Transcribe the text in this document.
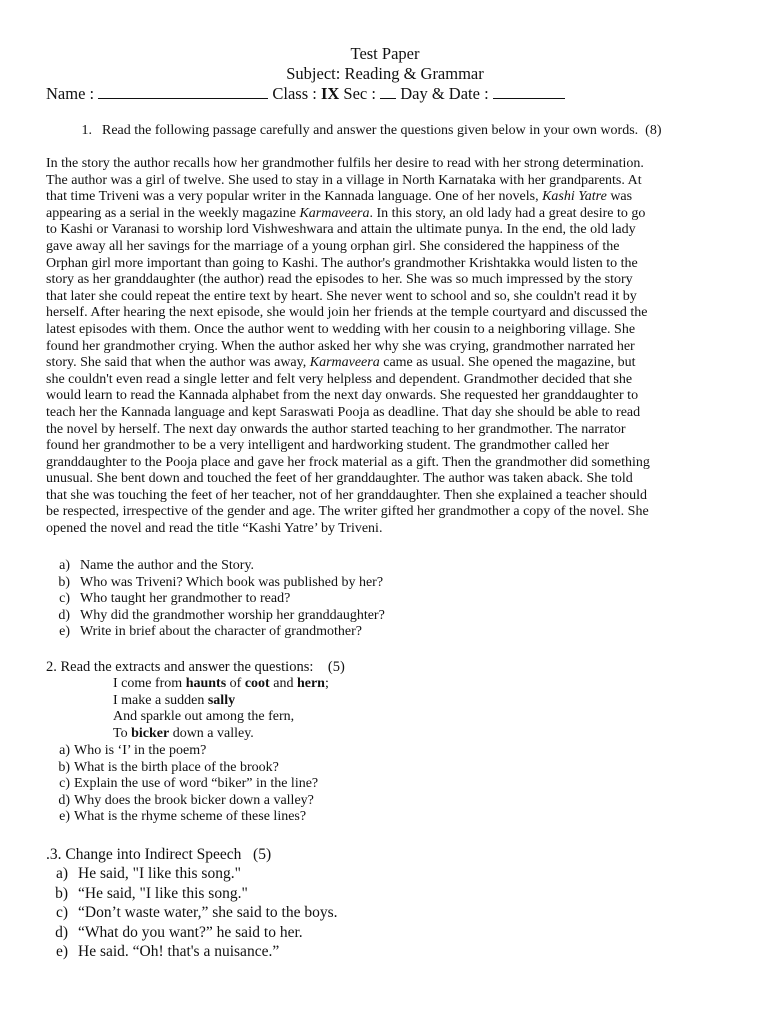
Test Paper
Subject: Reading & Grammar
Name :	Class : IX Sec : Day & Date :
1. Read the following passage carefully and answer the questions given below in your own words. (8)
In the story the author recalls how her grandmother fulfils her desire to read with her strong determination.
The author was a girl of twelve. She used to stay in a village in North Karnataka with her grandparents. At
that time Triveni was a very popular writer in the Kannada language. One of her novels, Kashi Yatre was
appearing as a serial in the weekly magazine Karmaveera. In this story, an old lady had a great desire to go
to Kashi or Varanasi to worship lord Vishweshwara and attain the ultimate punya. In the end, the old lady
gave away all her savings for the marriage of a young orphan girl. She considered the happiness of the
Orphan girl more important than going to Kashi. The author's grandmother Krishtakka would listen to the
story as her granddaughter (the author) read the episodes to her. She was so much impressed by the story
that later she could repeat the entire text by heart. She never went to school and so, she couldn't read it by
herself. After hearing the next episode, she would join her friends at the temple courtyard and discussed the
latest episodes with them. Once the author went to wedding with her cousin to a neighboring village. She
found her grandmother crying. When the author asked her why she was crying, grandmother narrated her
story. She said that when the author was away, Karmaveera came as usual. She opened the magazine, but
she couldn't even read a single letter and felt very helpless and dependent. Grandmother decided that she
would learn to read the Kannada alphabet from the next day onwards. She requested her granddaughter to
teach her the Kannada language and kept Saraswati Pooja as deadline. That day she should be able to read
the novel by herself. The next day onwards the author started teaching to her grandmother. The narrator
found her grandmother to be a very intelligent and hardworking student. The grandmother called her
granddaughter to the Pooja place and gave her frock material as a gift. Then the grandmother did something
unusual. She bent down and touched the feet of her granddaughter. The author was taken aback. She told
that she was touching the feet of her teacher, not of her granddaughter. Then she explained a teacher should
be respected, irrespective of the gender and age. The writer gifted her grandmother a copy of the novel. She
opened the novel and read the title “Kashi Yatre’ by Triveni.
a) Name the author and the Story.
b) Who was Triveni? Which book was published by her?
c) Who taught her grandmother to read?
d) Why did the grandmother worship her granddaughter?
e) Write in brief about the character of grandmother?
2. Read the extracts and answer the questions: (5)
I come from haunts of coot and hern;
I make a sudden sally
And sparkle out among the fern,
To bicker down a valley.
a) Who is ‘I’ in the poem?
b) What is the birth place of the brook?
c) Explain the use of word “biker” in the line?
d) Why does the brook bicker down a valley?
e) What is the rhyme scheme of these lines?
.3. Change into Indirect Speech (5)
a) He said, "I like this song."
b) “He said, "I like this song."
c) “Don’t waste water,” she said to the boys.
d) “What do you want?” he said to her.
e) He said. “Oh! that's a nuisance.”
